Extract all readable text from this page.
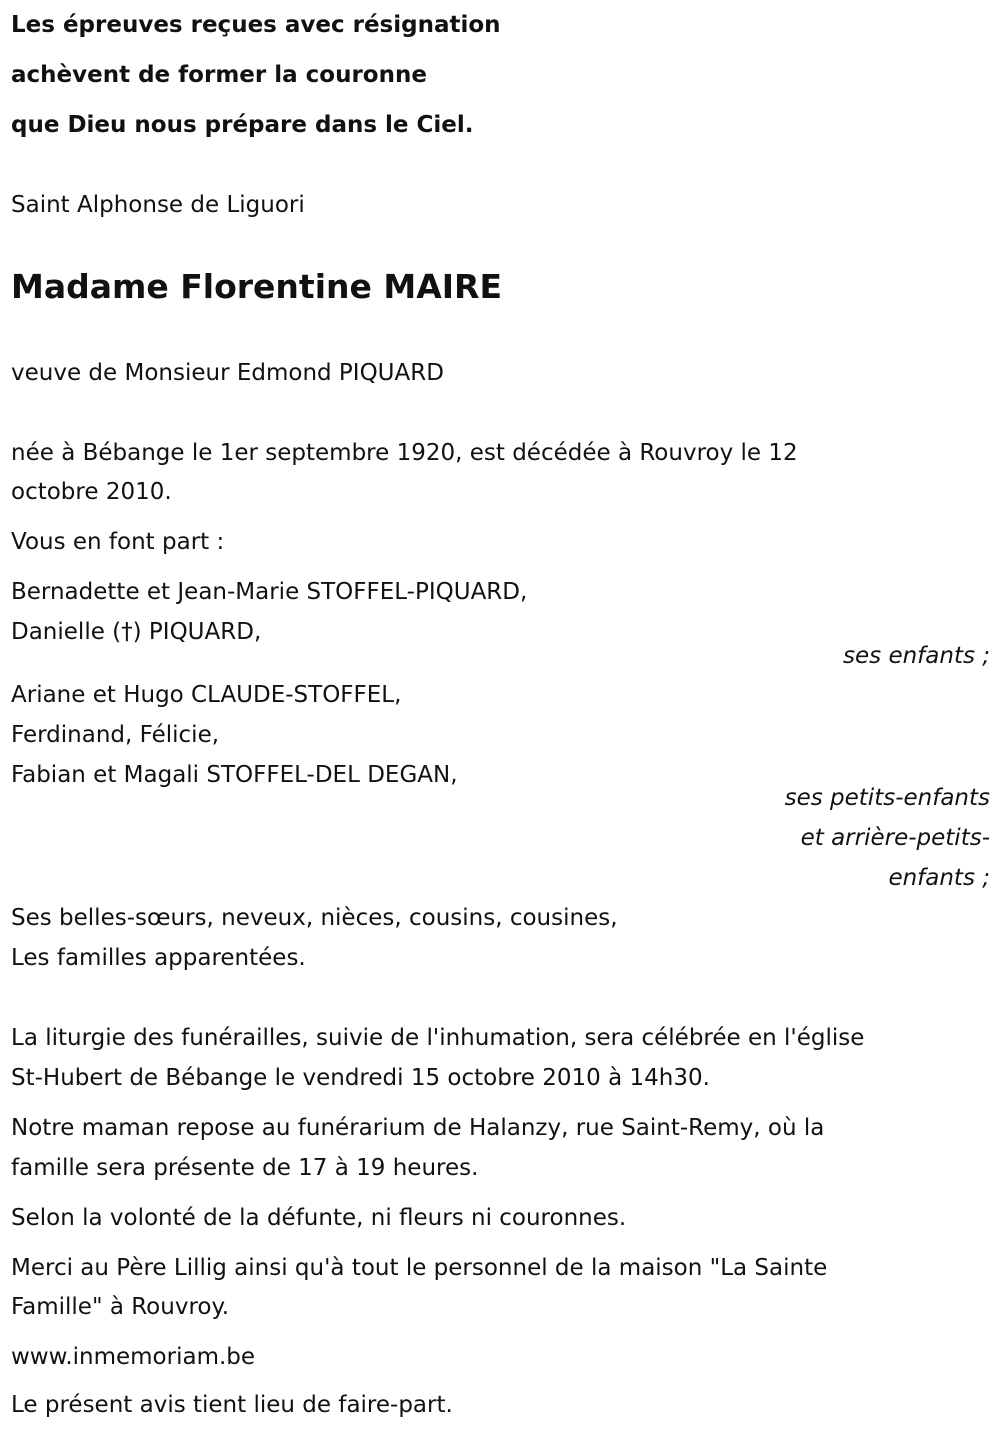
Les épreuves reçues avec résignation
achèvent de former la couronne
que Dieu nous prépare dans le Ciel.
Saint Alphonse de Liguori
Madame Florentine MAIRE
veuve de Monsieur Edmond PIQUARD
née à Bébange le 1er septembre 1920, est décédée à Rouvroy le 12
octobre 2010.
Vous en font part :
Bernadette et Jean-Marie STOFFEL-PIQUARD,
Danielle (†) PIQUARD,
ses enfants ;
Ariane et Hugo CLAUDE-STOFFEL,
Ferdinand, Félicie,
Fabian et Magali STOFFEL-DEL DEGAN,
ses petits-enfants
et arrière-petits-
enfants ;
Ses belles-sœurs, neveux, nièces, cousins, cousines,
Les familles apparentées.
La liturgie des funérailles, suivie de l'inhumation, sera célébrée en l'église
St-Hubert de Bébange le vendredi 15 octobre 2010 à 14h30.
Notre maman repose au funérarium de Halanzy, rue Saint-Remy, où la
famille sera présente de 17 à 19 heures.
Selon la volonté de la défunte, ni fleurs ni couronnes.
Merci au Père Lillig ainsi qu'à tout le personnel de la maison "La Sainte
Famille" à Rouvroy.
www.inmemoriam.be
Le présent avis tient lieu de faire-part.
